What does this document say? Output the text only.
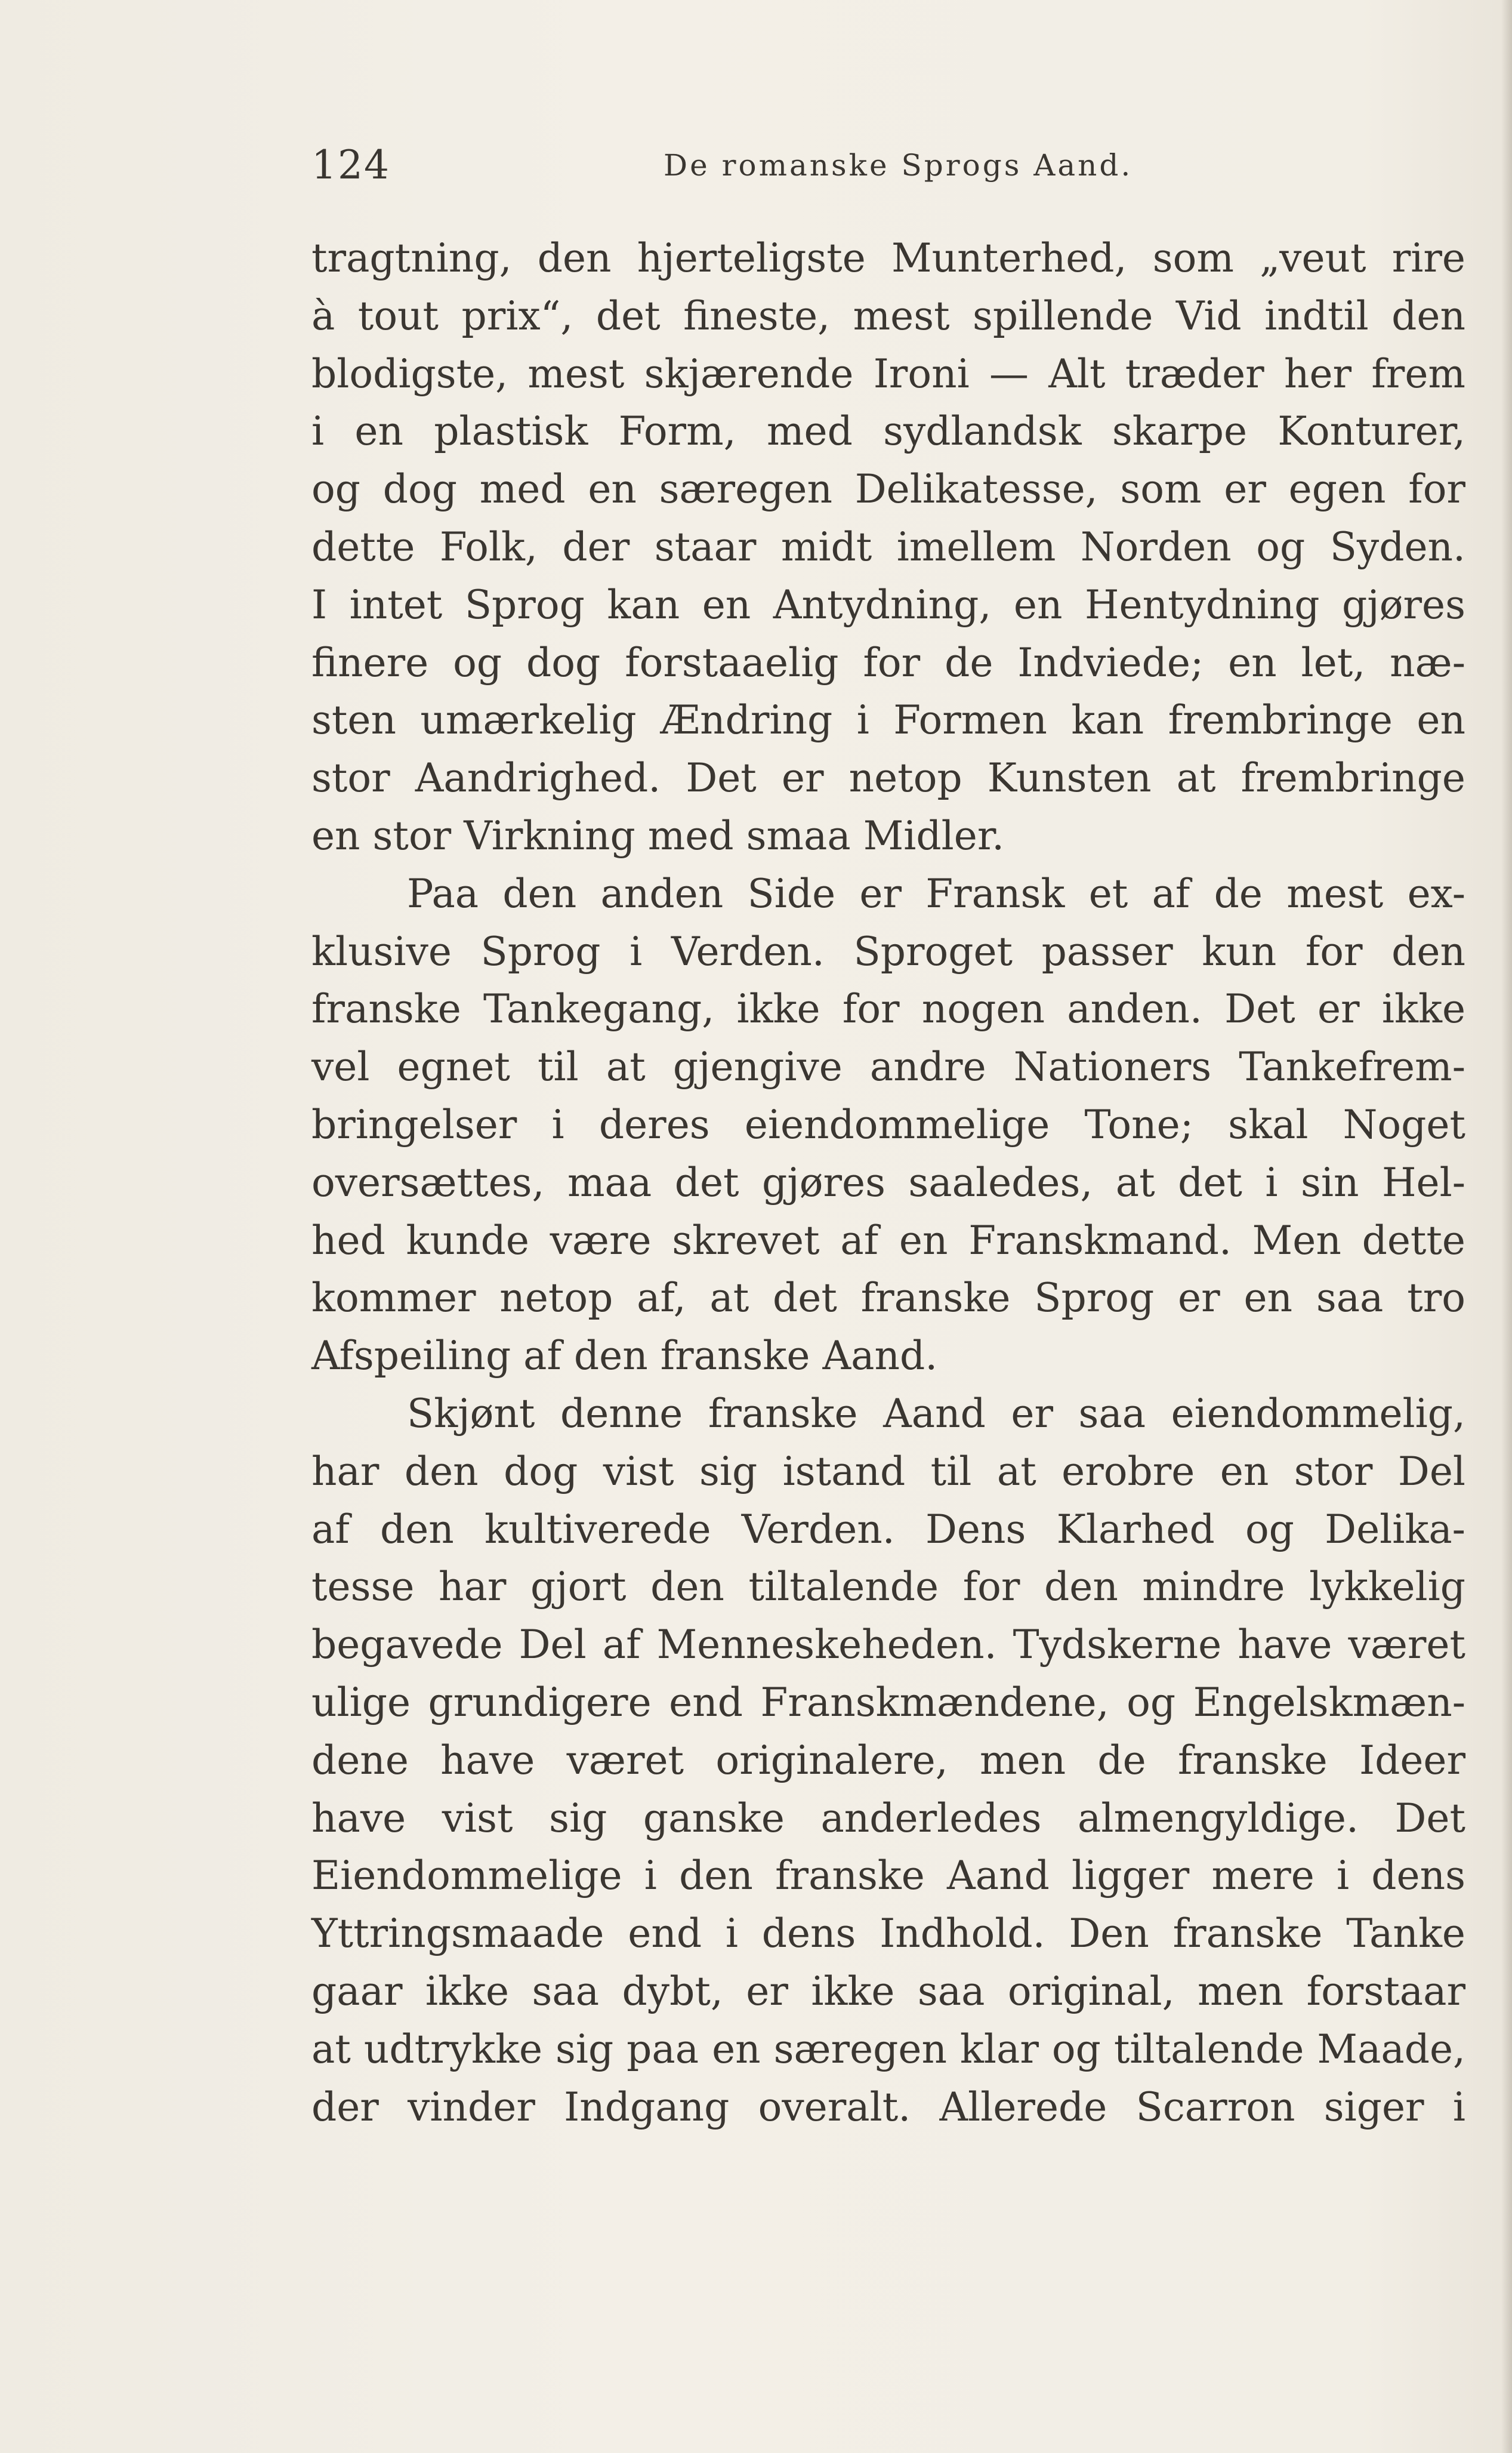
124	De romanske Sprogs Aand.
tragtning, den hjerteligste Munterhed, som „veut rire
à tout prix“, det fineste, mest spillende Vid indtil den
blodigste, mest skjærende Ironi — Alt træder her frem
i en plastisk Form, med sydlandsk skarpe Konturer,
og dog med en særegen Delikatesse, som er egen for
dette Folk, der staar midt imellem Norden og Syden.
I intet Sprog kan en Antydning, en Hentydning gjøres
finere og dog forstaaelig for de Indviede; en let, næ-
sten umærkelig Ændring i Formen kan frembringe en
stor Aandrighed. Det er netop Kunsten at frembringe
en stor Virkning med smaa Midler.
Paa den anden Side er Fransk et af de mest ex-
klusive Sprog i Verden. Sproget passer kun for den
franske Tankegang, ikke for nogen anden. Det er ikke
vel egnet til at gjengive andre Nationers Tankefrem-
bringelser i deres eiendommelige Tone; skal Noget
oversættes, maa det gjøres saaledes, at det i sin Hel-
hed kunde være skrevet af en Franskmand. Men dette
kommer netop af, at det franske Sprog er en saa tro
Afspeiling af den franske Aand.
Skjønt denne franske Aand er saa eiendommelig,
har den dog vist sig istand til at erobre en stor Del
af den kultiverede Verden. Dens Klarhed og Delika-
tesse har gjort den tiltalende for den mindre lykkelig
begavede Del af Menneskeheden. Tydskerne have været
ulige grundigere end Franskmændene, og Engelskmæn-
dene have været originalere, men de franske Ideer
have vist sig ganske anderledes almengyldige. Det
Eiendommelige i den franske Aand ligger mere i dens
Yttringsmaade end i dens Indhold. Den franske Tanke
gaar ikke saa dybt, er ikke saa original, men forstaar
at udtrykke sig paa en særegen klar og tiltalende Maade,
der vinder Indgang overalt. Allerede Scarron siger i
